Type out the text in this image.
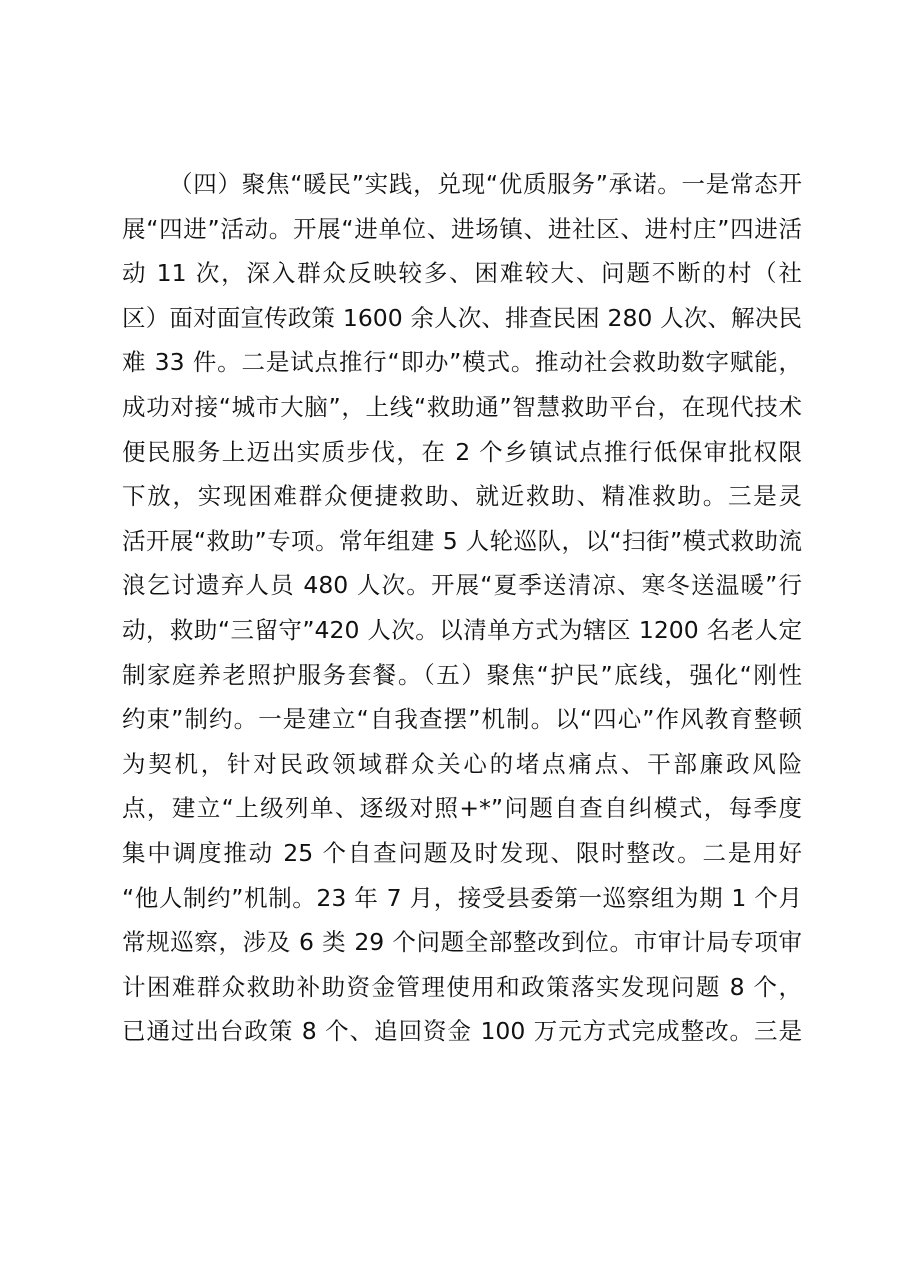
（四）聚焦“暖民”实践，兑现“优质服务”承诺。一是常态开
展“四进”活动。开展“进单位、进场镇、进社区、进村庄”四进活
动 11 次，深入群众反映较多、困难较大、问题不断的村（社
区）面对面宣传政策 1600 余人次、排查民困 280 人次、解决民
难 33 件。二是试点推行“即办”模式。推动社会救助数字赋能，
成功对接“城市大脑”，上线“救助通”智慧救助平台，在现代技术
便民服务上迈出实质步伐，在 2 个乡镇试点推行低保审批权限
下放，实现困难群众便捷救助、就近救助、精准救助。三是灵
活开展“救助”专项。常年组建 5 人轮巡队，以“扫街”模式救助流
浪乞讨遗弃人员 480 人次。开展“夏季送清凉、寒冬送温暖”行
动，救助“三留守”420 人次。以清单方式为辖区 1200 名老人定
制家庭养老照护服务套餐。（五）聚焦“护民”底线，强化“刚性
约束”制约。一是建立“自我查摆”机制。以“四心”作风教育整顿
为契机，针对民政领域群众关心的堵点痛点、干部廉政风险
点，建立“上级列单、逐级对照+*”问题自查自纠模式，每季度
集中调度推动 25 个自查问题及时发现、限时整改。二是用好
“他人制约”机制。23 年 7 月，接受县委第一巡察组为期 1 个月
常规巡察，涉及 6 类 29 个问题全部整改到位。市审计局专项审
计困难群众救助补助资金管理使用和政策落实发现问题 8 个，
已通过出台政策 8 个、追回资金 100 万元方式完成整改。三是
